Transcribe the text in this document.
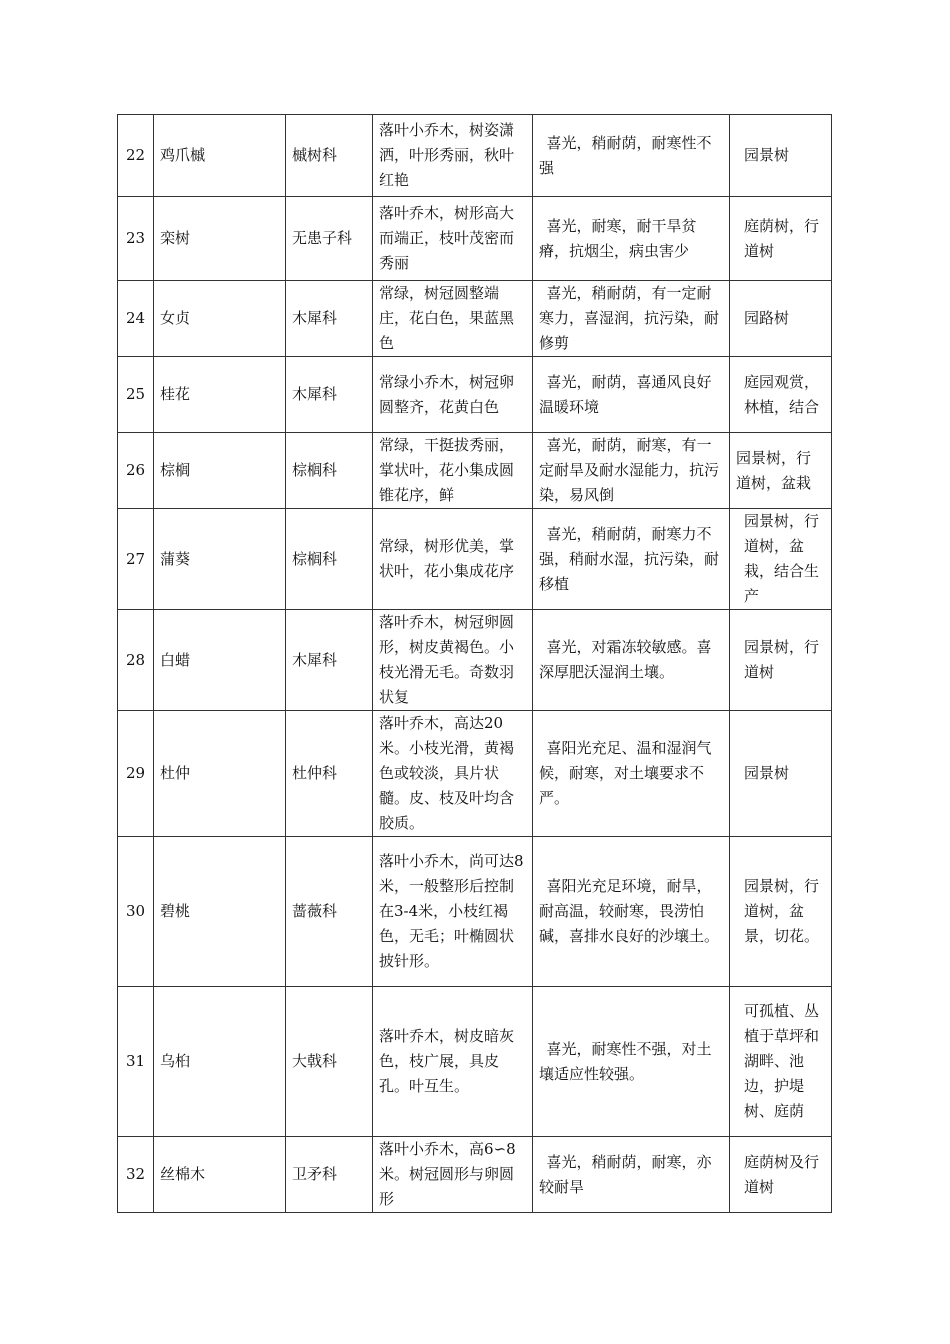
22	鸡爪槭	槭树科	落叶小乔木，树姿潇洒，叶形秀丽，秋叶红艳	喜光，稍耐荫，耐寒性不强	园景树

23	栾树	无患子科	落叶乔木，树形高大而端正，枝叶茂密而秀丽	喜光，耐寒，耐干旱贫瘠，抗烟尘，病虫害少	庭荫树，行道树

24	女贞	木犀科	常绿，树冠圆整端庄，花白色，果蓝黑色	喜光，稍耐荫，有一定耐寒力，喜湿润，抗污染，耐修剪	园路树

25	桂花	木犀科	常绿小乔木，树冠卵圆整齐，花黄白色	喜光，耐荫，喜通风良好温暖环境	庭园观赏，林植，结合

26	棕榈	棕榈科	常绿，干挺拔秀丽，掌状叶，花小集成圆锥花序，鲜	喜光，耐荫，耐寒，有一定耐旱及耐水湿能力，抗污染，易风倒	园景树，行道树，盆栽

27	蒲葵	棕榈科	常绿，树形优美，掌状叶，花小集成花序	喜光，稍耐荫，耐寒力不强，稍耐水湿，抗污染，耐移植	园景树，行道树，盆栽，结合生产

28	白蜡	木犀科	落叶乔木，树冠卵圆形，树皮黄褐色。小枝光滑无毛。奇数羽状复	喜光，对霜冻较敏感。喜深厚肥沃湿润土壤。	园景树，行道树

29	杜仲	杜仲科	落叶乔木，高达20米。小枝光滑，黄褐色或较淡，具片状髓。皮、枝及叶均含胶质。	喜阳光充足、温和湿润气候，耐寒，对土壤要求不严。	园景树

30	碧桃	蔷薇科	落叶小乔木，尚可达8米，一般整形后控制在3-4米，小枝红褐色，无毛；叶椭圆状披针形。	喜阳光充足环境，耐旱，耐高温，较耐寒，畏涝怕碱，喜排水良好的沙壤土。	园景树，行道树，盆景，切花。

31	乌桕	大戟科	落叶乔木，树皮暗灰色，枝广展，具皮孔。叶互生。	喜光，耐寒性不强，对土壤适应性较强。	可孤植、丛植于草坪和湖畔、池边，护堤树、庭荫

32	丝棉木	卫矛科	落叶小乔木，高6∽8米。树冠圆形与卵圆形	喜光，稍耐荫，耐寒，亦较耐旱	庭荫树及行道树
